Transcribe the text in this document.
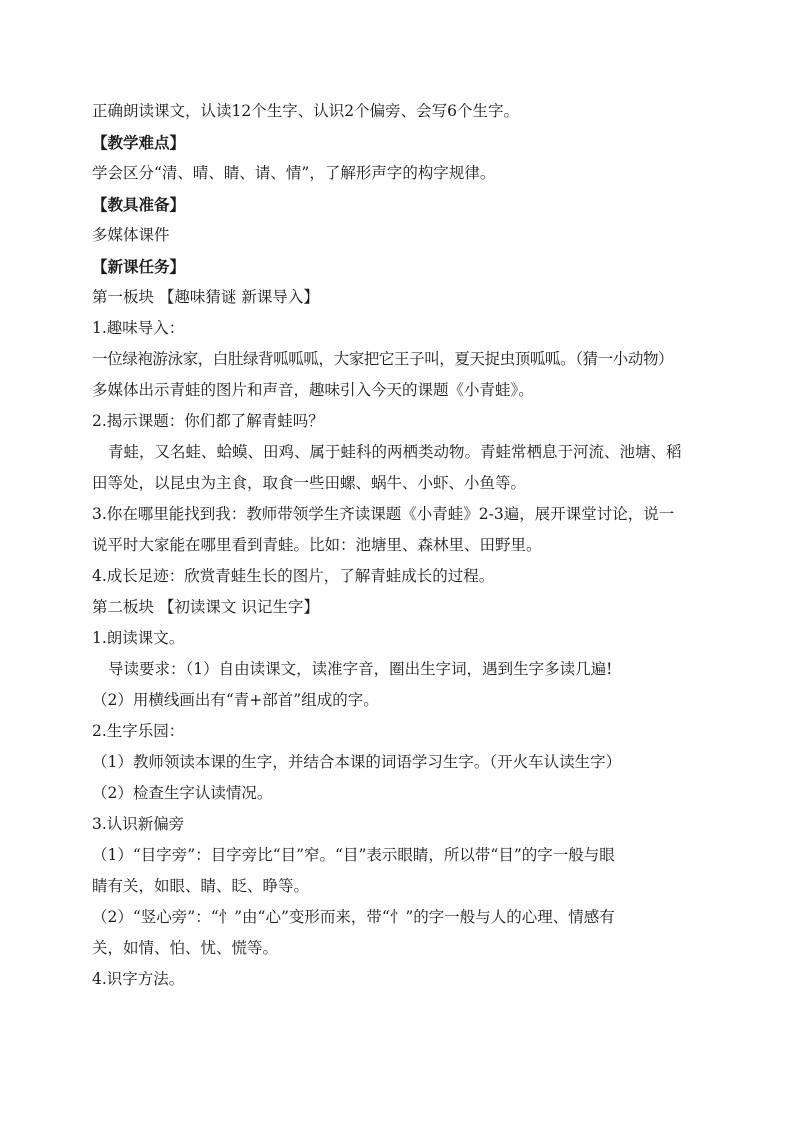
正确朗读课文，认读12个生字、认识2个偏旁、会写6个生字。
【教学难点】
学会区分“清、晴、睛、请、情”，了解形声字的构字规律。
【教具准备】
多媒体课件
【新课任务】
第一板块 【趣味猜谜 新课导入】
1.趣味导入：
一位绿袍游泳家，白肚绿背呱呱呱，大家把它王子叫，夏天捉虫顶呱呱。（猜一小动物）
多媒体出示青蛙的图片和声音，趣味引入今天的课题《小青蛙》。
2.揭示课题：你们都了解青蛙吗？
青蛙，又名蛙、蛤蟆、田鸡、属于蛙科的两栖类动物。青蛙常栖息于河流、池塘、稻
田等处，以昆虫为主食，取食一些田螺、蜗牛、小虾、小鱼等。
3.你在哪里能找到我：教师带领学生齐读课题《小青蛙》2-3遍，展开课堂讨论，说一
说平时大家能在哪里看到青蛙。比如：池塘里、森林里、田野里。
4.成长足迹：欣赏青蛙生长的图片，了解青蛙成长的过程。
第二板块 【初读课文 识记生字】
1.朗读课文。
导读要求：（1）自由读课文，读准字音，圈出生字词，遇到生字多读几遍!
（2）用横线画出有“青+部首”组成的字。
2.生字乐园：
（1）教师领读本课的生字，并结合本课的词语学习生字。（开火车认读生字）
（2）检查生字认读情况。
3.认识新偏旁
（1）“目字旁”：目字旁比“目”窄。“目”表示眼睛，所以带“目”的字一般与眼
睛有关，如眼、睛、眨、睁等。
（2）“竖心旁”：“忄”由“心”变形而来，带“忄”的字一般与人的心理、情感有
关，如情、怕、忧、慌等。
4.识字方法。
